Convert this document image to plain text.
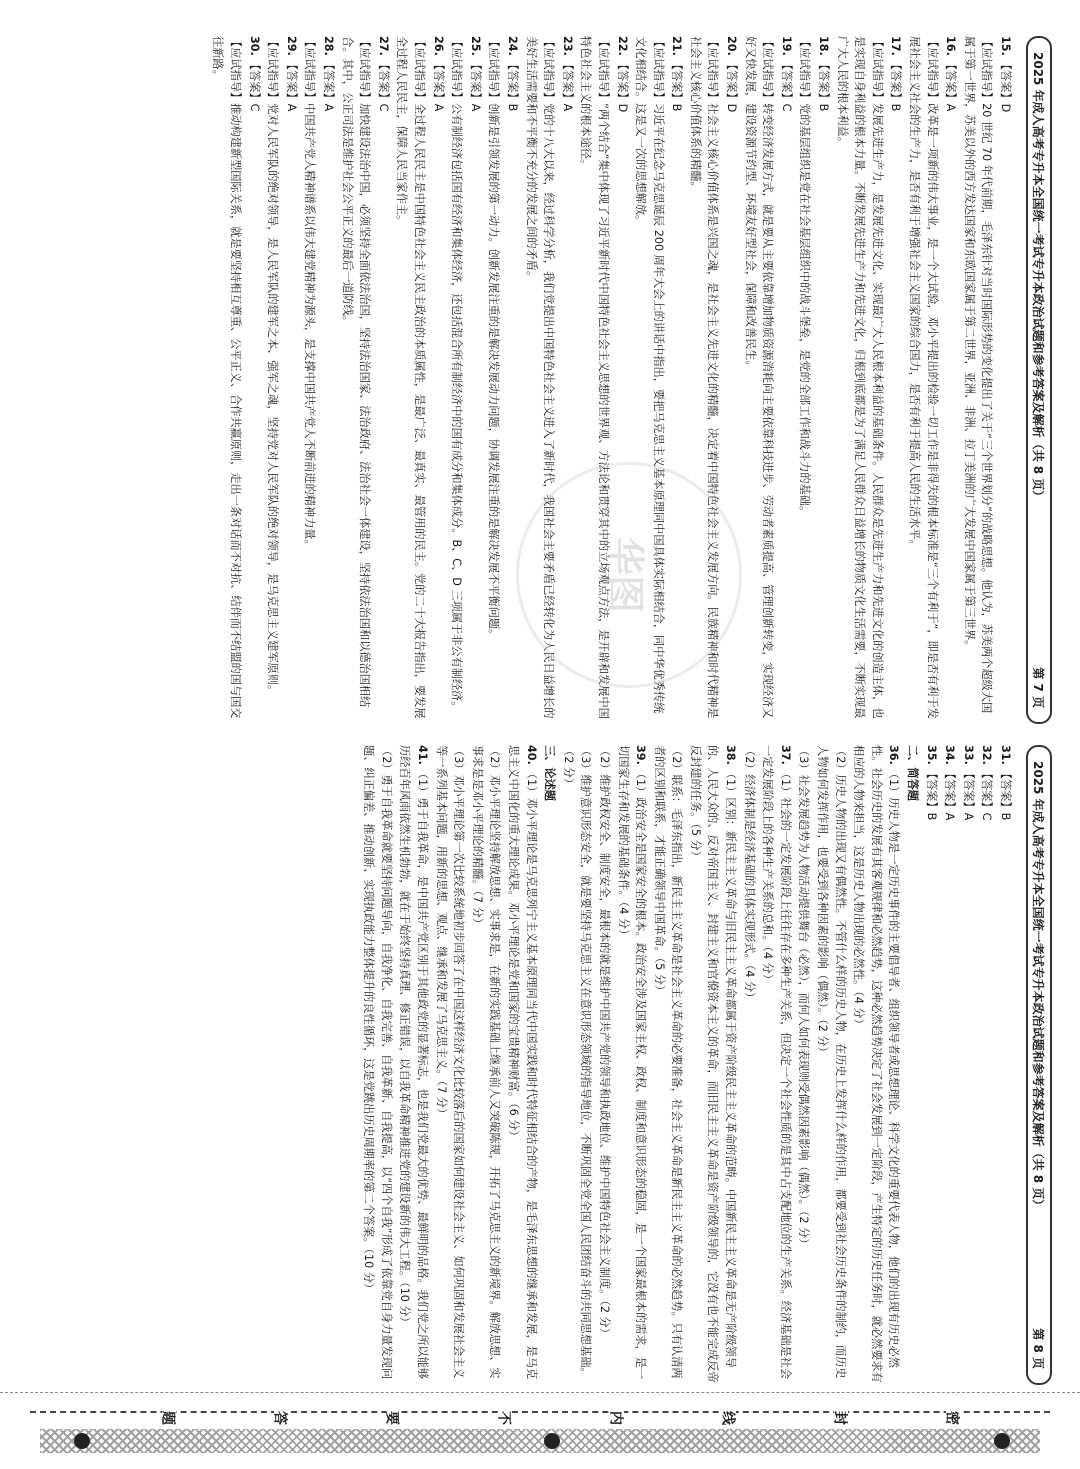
2025 年成人高考专升本全国统一考试专升本政治试题和参考答案及解析（共 8 页）
第 7 页

15.【答案】D

【应试指导】20 世纪 70 年代前期，毛泽东针对当时国际形势的变化提出了关于“三个世界划分”的战略思想。他认为，苏美两个超级大国属于第一世界，苏美以外的西方发达国家和东欧国家属于第二世界，亚洲、非洲、拉丁美洲的广大发展中国家属于第三世界。

16.【答案】A

【应试指导】改革是一项新的伟大事业，是一个大试验，邓小平提出的检验一切工作是非得失的根本标准是“三个有利于”，即是否有利于发展社会主义社会的生产力，是否有利于增强社会主义国家的综合国力，是否有利于提高人民的生活水平。

17.【答案】B

【应试指导】发展先进生产力，是发展先进文化、实现最广大人民根本利益的基础条件。人民群众是先进生产力和先进文化的创造主体，也是实现自身利益的根本力量。不断发展先进生产力和先进文化，归根到底都是为了满足人民群众日益增长的物质文化生活需要，不断实现最广大人民的根本利益。

18.【答案】B

【应试指导】党的基层组织是党在社会基层组织中的战斗堡垒，是党的全部工作和战斗力的基础。

19.【答案】C

【应试指导】转变经济发展方式，就是要从主要依靠增加物质资源消耗向主要依靠科技进步、劳动者素质提高、管理创新转变，实现经济又好又快发展，建设资源节约型、环境友好型社会，保障和改善民生。

20.【答案】D

【应试指导】社会主义核心价值体系是兴国之魂，是社会主义先进文化的精髓，决定着中国特色社会主义发展方向。民族精神和时代精神是社会主义核心价值体系的精髓。

21.【答案】B

【应试指导】习近平在纪念马克思诞辰 200 周年大会上的讲话中指出，要把马克思主义基本原理同中国具体实际相结合，同中华优秀传统文化相结合。这是又一次的思想解放。

22.【答案】D

【应试指导】“两个结合”集中体现了习近平新时代中国特色社会主义思想的世界观、方法论和贯穿其中的立场观点方法，是开辟和发展中国特色社会主义的根本途径。

23.【答案】A

【应试指导】党的十八大以来，经过科学分析，我们党提出中国特色社会主义进入了新时代，我国社会主要矛盾已经转化为人民日益增长的美好生活需要和不平衡不充分的发展之间的矛盾。

24.【答案】B

【应试指导】创新是引领发展的第一动力。创新发展注重的是解决发展动力问题，协调发展注重的是解决发展不平衡问题。

25.【答案】A

【应试指导】公有制经济包括国有经济和集体经济，还包括混合所有制经济中的国有成分和集体成分。B、C、D 三项属于非公有制经济。

26.【答案】A

【应试指导】全过程人民民主是中国特色社会主义民主政治的本质属性，是最广泛、最真实、最管用的民主。党的二十大报告指出，要发展全过程人民民主，保障人民当家作主。

27.【答案】C

【应试指导】加快建设法治中国，必须坚持全面依法治国，坚持法治国家、法治政府、法治社会一体建设，坚持依法治国和以德治国相结合。其中，公正司法是维护社会公平正义的最后一道防线。

28.【答案】A

【应试指导】中国共产党人精神谱系以伟大建党精神为源头，是支撑中国共产党人不断前进的精神力量。

29.【答案】A

【应试指导】党对人民军队的绝对领导，是人民军队的建军之本、强军之魂，坚持党对人民军队的绝对领导，是马克思主义建军原则。

30.【答案】C

【应试指导】推动构建新型国际关系，就是要坚持相互尊重、公平正义、合作共赢原则，走出一条对话而不对抗、结伴而不结盟的国与国交往新路。

华图
2025 年成人高考专升本全国统一考试专升本政治试题和参考答案及解析（共 8 页）
第 8 页

31.【答案】B

32.【答案】C

33.【答案】A

34.【答案】A

35.【答案】B

二、简答题

36.（1）历史人物是一定历史事件的主要倡导者、组织领导者或思想理论、科学文化的重要代表人物，他们的出现有历史必然性。社会历史的发展有其客观规律和必然趋势，这种必然趋势决定了社会发展到一定阶段，产生特定的历史任务时，就必然要求有相应的人物来担当，这是历史人物出现的必然性。（4 分）

（2）历史人物的出现又有偶然性。不管什么样的历史人物，在历史上发挥什么样的作用，都要受到社会历史条件的制约，而历史人物如何发挥作用，也要受到各种因素的影响（偶然）。（2 分）

（3）社会发展趋势为人物活动提供舞台（必然），而何人如何表现则受偶然因素影响（偶然）。（2 分）

37.（1）社会的一定发展阶段上往往存在多种生产关系，但决定一个社会性质的是其中占支配地位的生产关系。经济基础是社会一定发展阶段上的各种生产关系的总和。（4 分）

（2）经济体制是经济基础的具体实现形式。（4 分）

38.（1）区别：新民主主义革命与旧民主主义革命都属于资产阶级民主主义革命的范畴。中国新民主主义革命是无产阶级领导的、人民大众的、反对帝国主义、封建主义和官僚资本主义的革命，而旧民主主义革命是资产阶级领导的，它没有也不能完成反帝反封建的任务。（5 分）

（2）联系：毛泽东指出，新民主主义革命是社会主义革命的必要准备，社会主义革命是新民主主义革命的必然趋势。只有认清两者的区别和联系，才能正确领导中国革命。（5 分）

39.（1）政治安全是国家安全的根本。政治安全涉及国家主权、政权、制度和意识形态的稳固，是一个国家最根本的需求，是一切国家生存和发展的基础条件。（4 分）

（2）维护政权安全、制度安全，最根本的就是维护中国共产党的领导和执政地位、维护中国特色社会主义制度。（2 分）

（3）维护意识形态安全，就是要坚持马克思主义在意识形态领域的指导地位，不断巩固全党全国人民团结奋斗的共同思想基础。（2 分）

三、论述题

40.（1）邓小平理论是马克思列宁主义基本原理同当代中国实践和时代特征相结合的产物，是毛泽东思想的继承和发展，是马克思主义中国化的重大理论成果。邓小平理论是党和国家的宝贵精神财富。（6 分）

（2）邓小平理论坚持解放思想、实事求是，在新的实践基础上继承前人又突破陈规，开拓了马克思主义的新境界。解放思想、实事求是是邓小平理论的精髓。（7 分）

（3）邓小平理论第一次比较系统地初步回答了在中国这样经济文化比较落后的国家如何建设社会主义、如何巩固和发展社会主义等一系列基本问题，用新的思想、观点、继承和发展了马克思主义。（7 分）

41.（1）勇于自我革命，是中国共产党区别于其他政党的显著标志，也是我们党最大的优势、最鲜明的品格。我们党之所以能够历经百年风雨依然生机勃勃，就在于始终坚持真理、修正错误，以自我革命精神推进党的建设新的伟大工程。（10 分）

（2）勇于自我革命就要坚持问题导向，自我净化、自我完善、自我革新、自我提高，以“四个自我”形成了依靠党自身力量发现问题、纠正偏差、推动创新、实现执政能力整体提升的良性循环，这是党跳出历史周期率的第二个答案。（10 分）

密
封
线
内
不
要
答
题
